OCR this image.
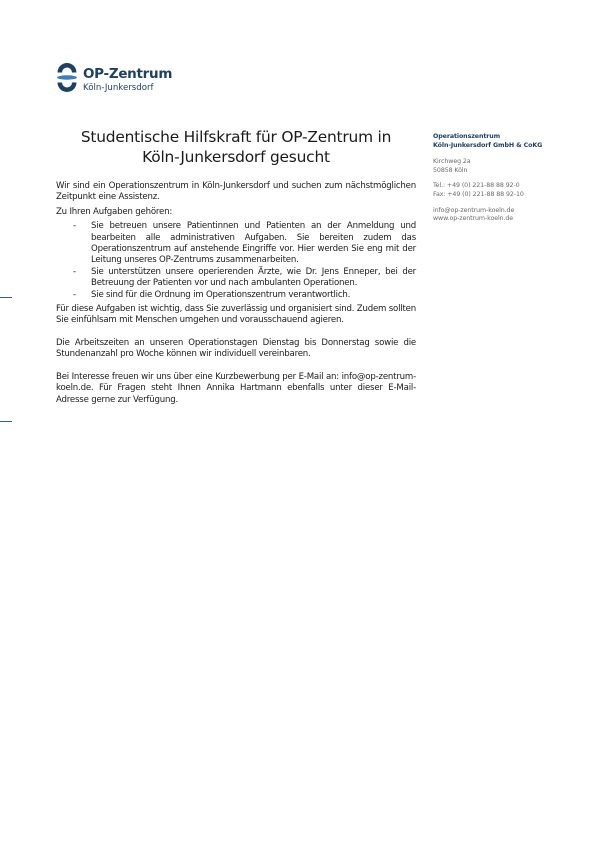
OP-Zentrum
Köln-Junkersdorf
Studentische Hilfskraft für OP-Zentrum in
Köln-Junkersdorf gesucht

Wir sind ein Operationszentrum in Köln-Junkersdorf und suchen zum nächstmöglichen Zeitpunkt eine Assistenz.

Zu Ihren Aufgaben gehören:

- Sie betreuen unsere Patientinnen und Patienten an der Anmeldung und bearbeiten alle administrativen Aufgaben. Sie bereiten zudem das Operationszentrum auf anstehende Eingriffe vor. Hier werden Sie eng mit der Leitung unseres OP-Zentrums zusammenarbeiten.
- Sie unterstützen unsere operierenden Ärzte, wie Dr. Jens Enneper, bei der Betreuung der Patienten vor und nach ambulanten Operationen.
- Sie sind für die Ordnung im Operationszentrum verantwortlich.

Für diese Aufgaben ist wichtig, dass Sie zuverlässig und organisiert sind. Zudem sollten Sie einfühlsam mit Menschen umgehen und vorausschauend agieren.

Die Arbeitszeiten an unseren Operationstagen Dienstag bis Donnerstag sowie die Stundenanzahl pro Woche können wir individuell vereinbaren.

Bei Interesse freuen wir uns über eine Kurzbewerbung per E-Mail an: info@op-zentrum-koeln.de. Für Fragen steht Ihnen Annika Hartmann ebenfalls unter dieser E-Mail-Adresse gerne zur Verfügung.

Operationszentrum
Köln-Junkersdorf GmbH & CoKG
Kirchweg 2a
50858 Köln
Tel.: +49 (0) 221-88 88 92-0
Fax: +49 (0) 221-88 88 92-10
info@op-zentrum-koeln.de
www.op-zentrum-koeln.de
